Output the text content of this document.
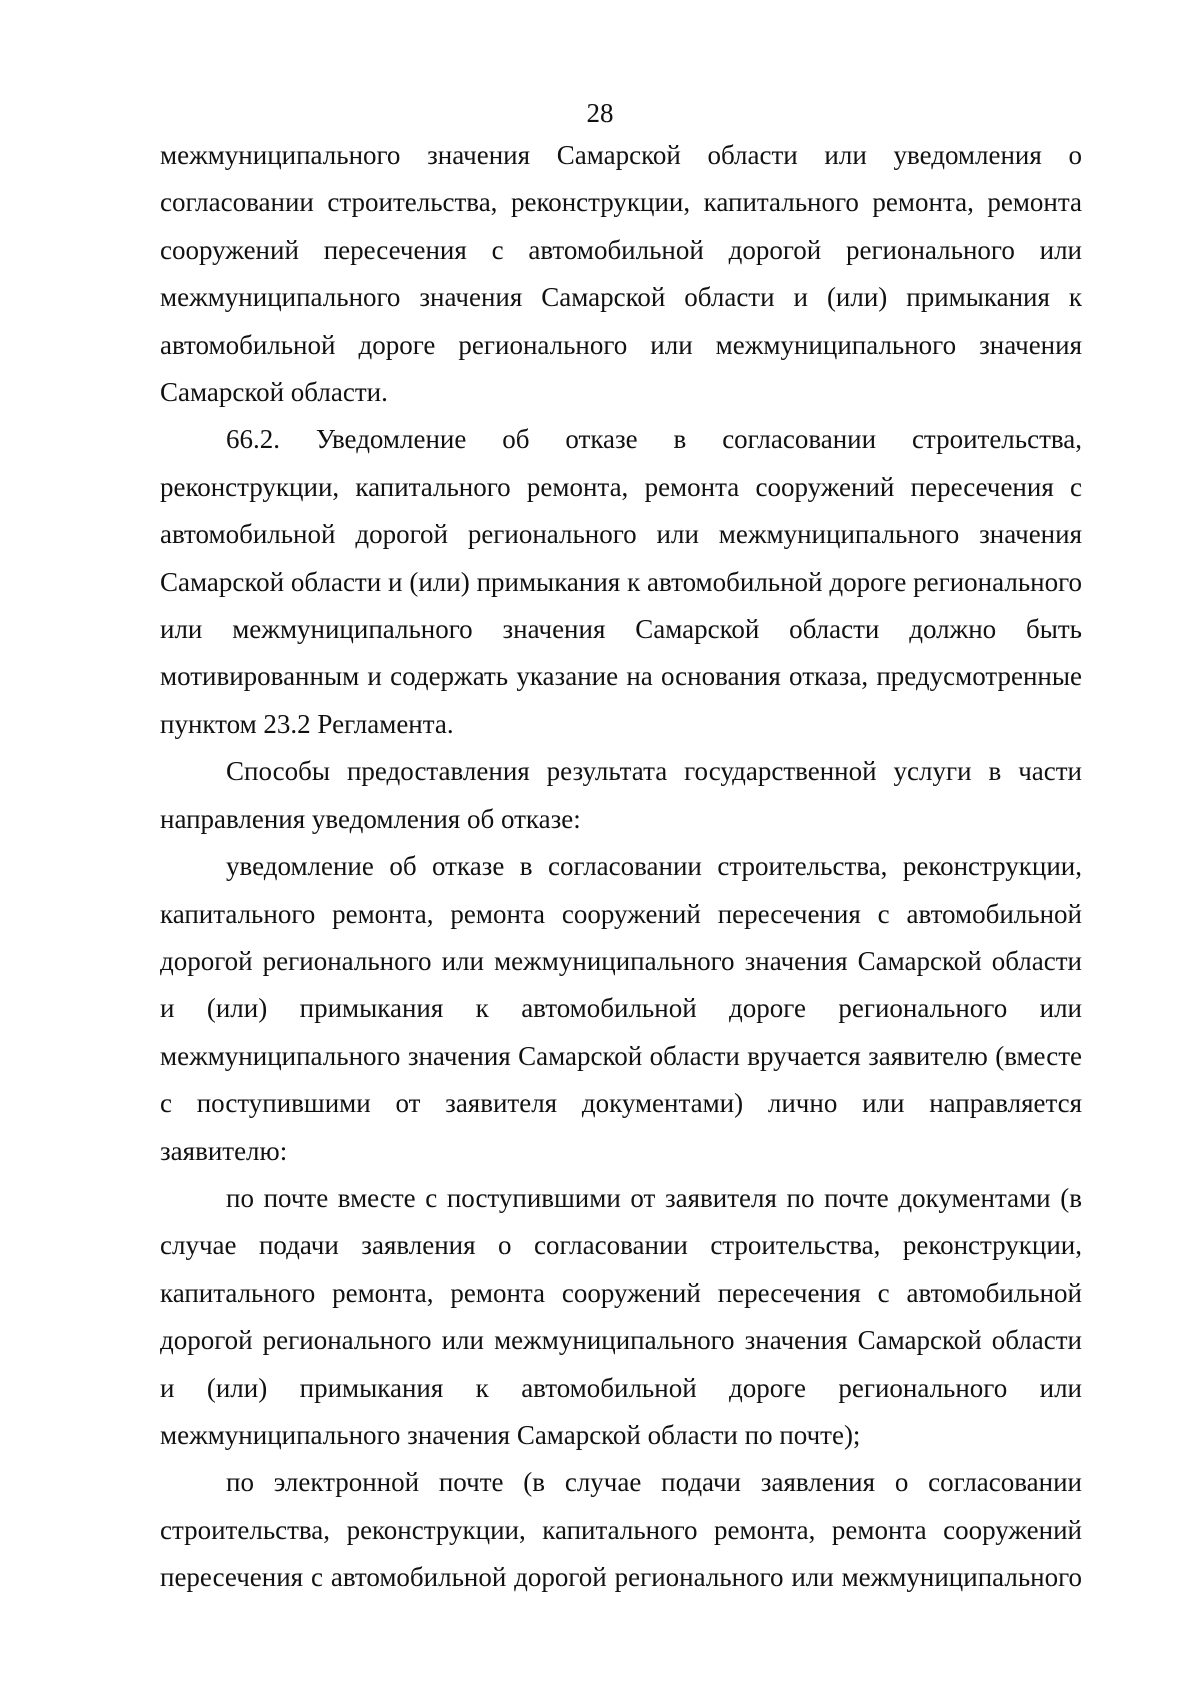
28

межмуниципального значения Самарской области или уведомления о согласовании строительства, реконструкции, капитального ремонта, ремонта сооружений пересечения с автомобильной дорогой регионального или межмуниципального значения Самарской области и (или) примыкания к автомобильной дороге регионального или межмуниципального значения Самарской области.

66.2. Уведомление об отказе в согласовании строительства, реконструкции, капитального ремонта, ремонта сооружений пересечения с автомобильной дорогой регионального или межмуниципального значения Самарской области и (или) примыкания к автомобильной дороге регионального или межмуниципального значения Самарской области должно быть мотивированным и содержать указание на основания отказа, предусмотренные пунктом 23.2 Регламента.

Способы предоставления результата государственной услуги в части направления уведомления об отказе:

уведомление об отказе в согласовании строительства, реконструкции, капитального ремонта, ремонта сооружений пересечения с автомобильной дорогой регионального или межмуниципального значения Самарской области и (или) примыкания к автомобильной дороге регионального или межмуниципального значения Самарской области вручается заявителю (вместе с поступившими от заявителя документами) лично или направляется заявителю:

по почте вместе с поступившими от заявителя по почте документами (в случае подачи заявления о согласовании строительства, реконструкции, капитального ремонта, ремонта сооружений пересечения с автомобильной дорогой регионального или межмуниципального значения Самарской области и (или) примыкания к автомобильной дороге регионального или межмуниципального значения Самарской области по почте);

по электронной почте (в случае подачи заявления о согласовании строительства, реконструкции, капитального ремонта, ремонта сооружений пересечения с автомобильной дорогой регионального или межмуниципального
